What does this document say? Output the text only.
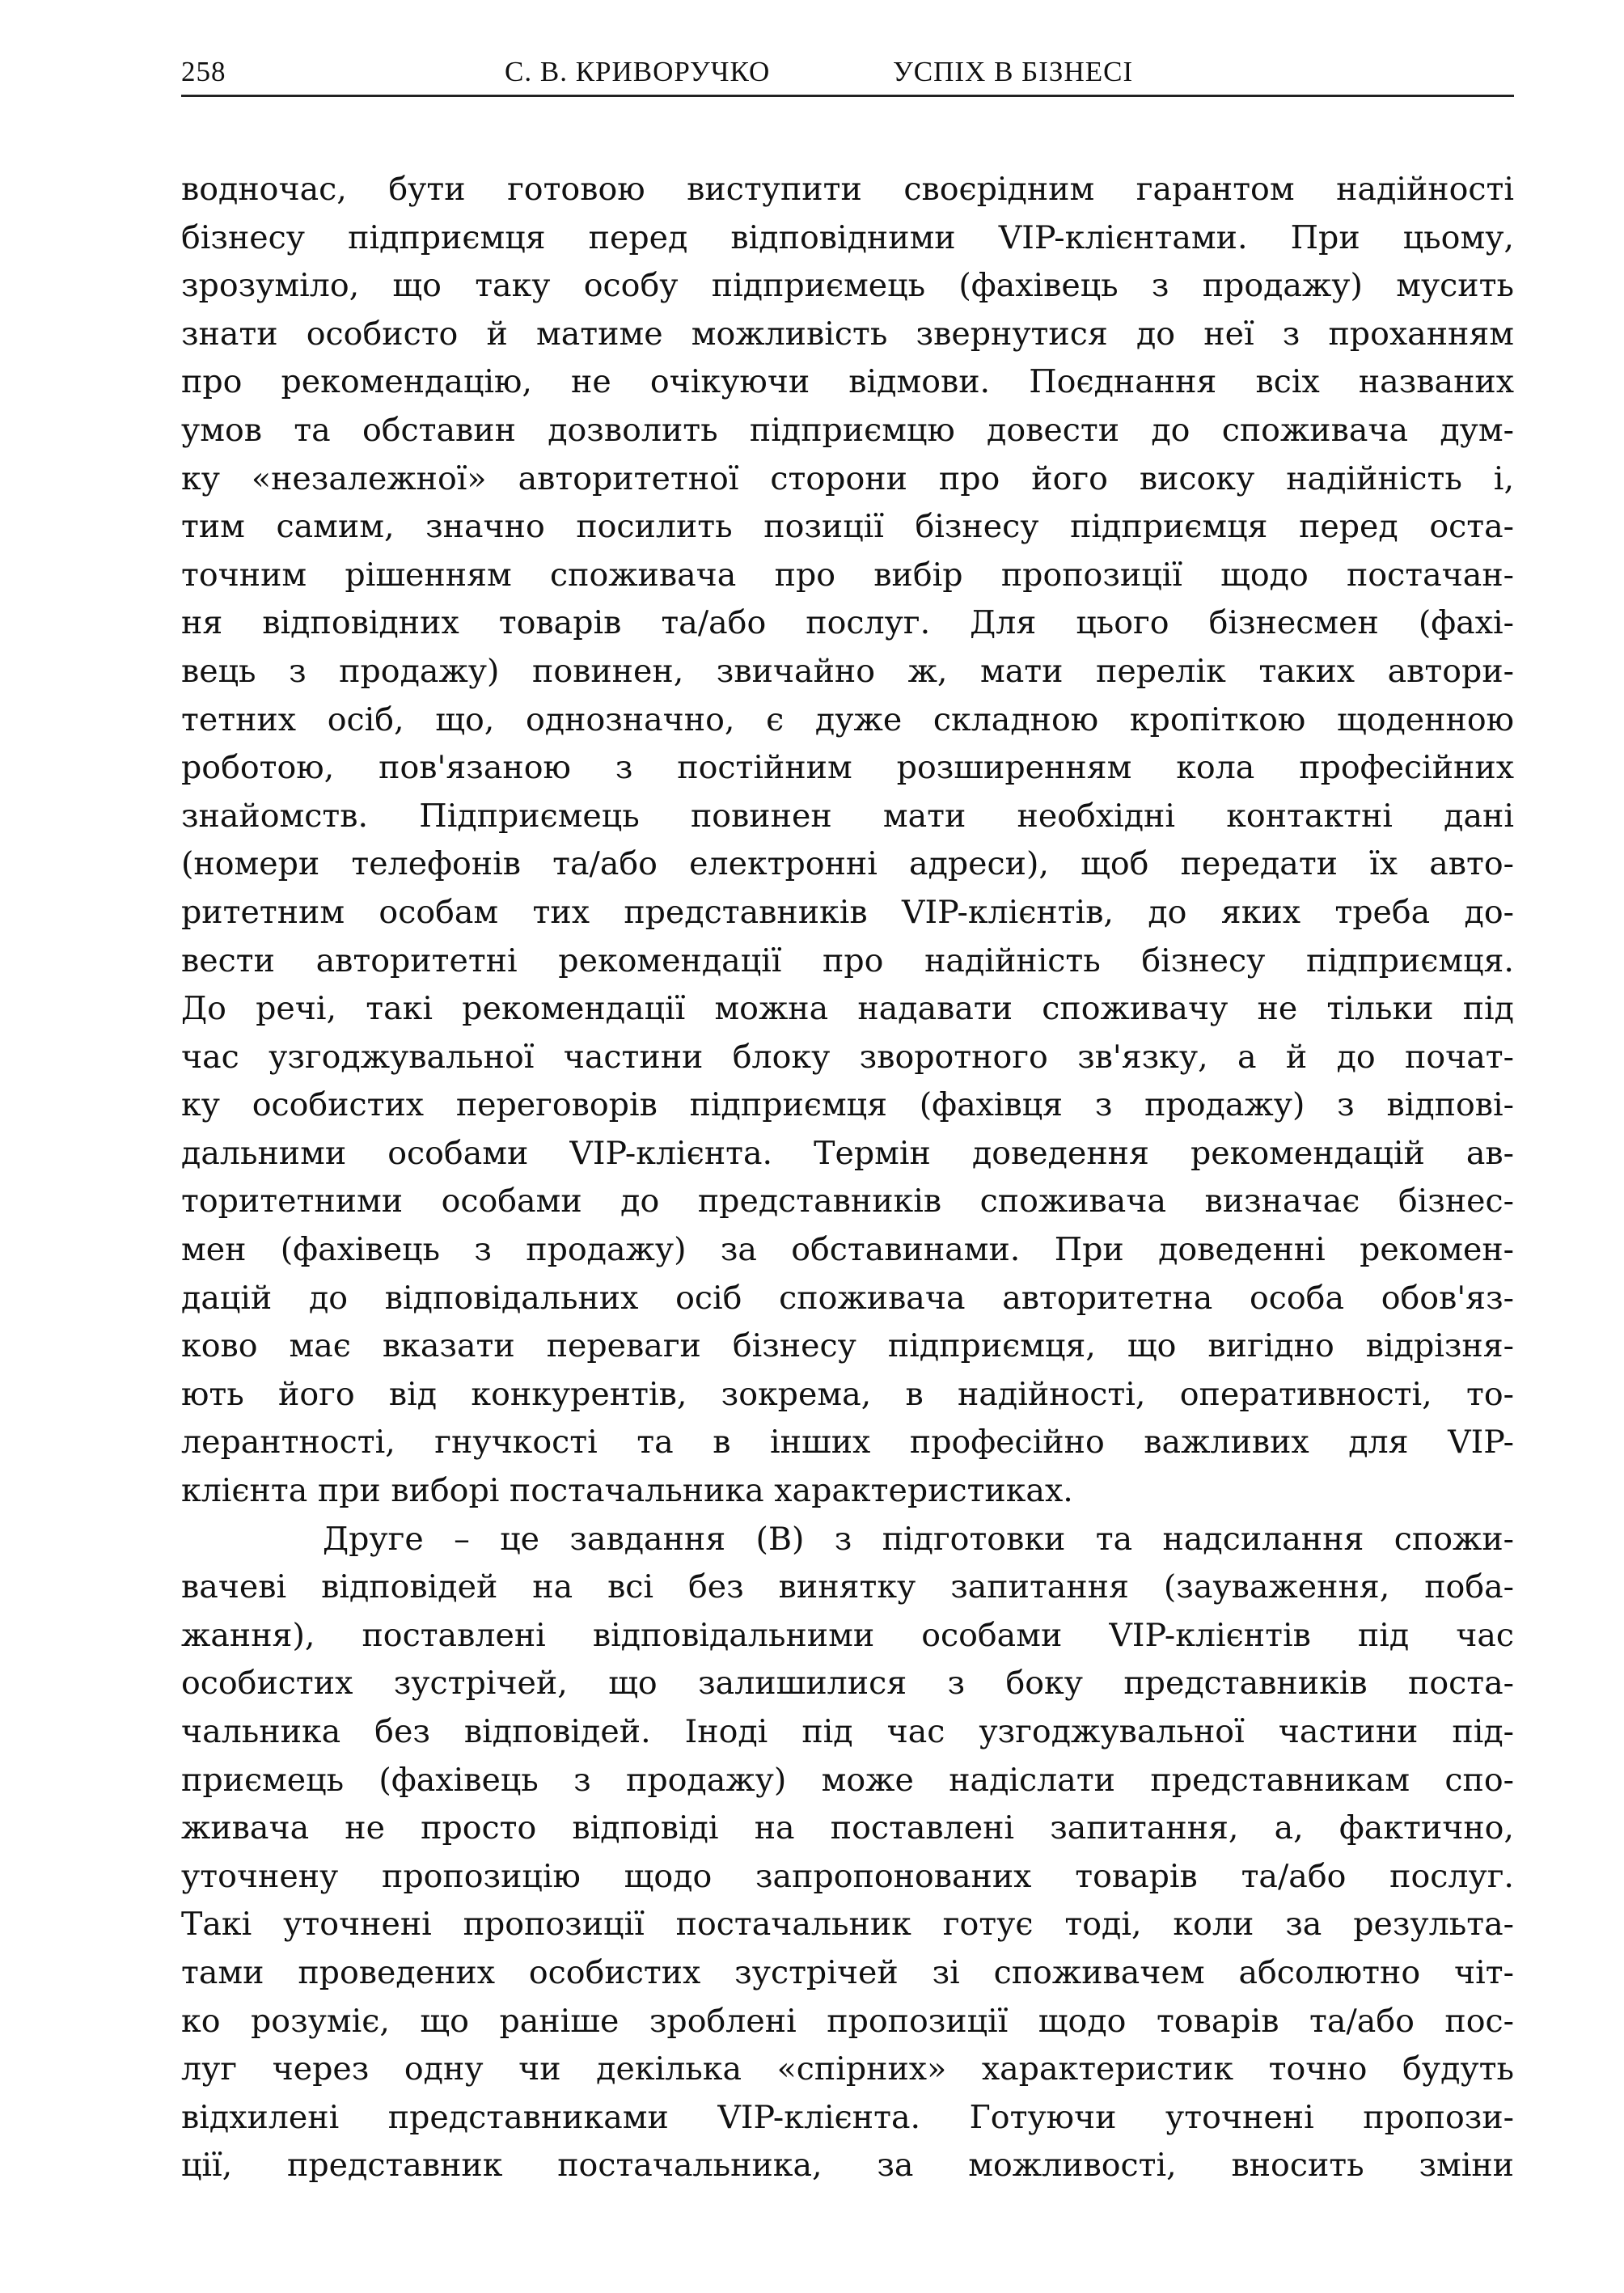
258	С. В. КРИВОРУЧКО	УСПІХ В БІЗНЕСІ
водночас, бути готовою виступити своєрідним гарантом надійності
бізнесу підприємця перед відповідними VIP-клієнтами. При цьому,
зрозуміло, що таку особу підприємець (фахівець з продажу) мусить
знати особисто й матиме можливість звернутися до неї з проханням
про рекомендацію, не очікуючи відмови. Поєднання всіх названих
умов та обставин дозволить підприємцю довести до споживача дум-
ку «незалежної» авторитетної сторони про його високу надійність і,
тим самим, значно посилить позиції бізнесу підприємця перед оста-
точним рішенням споживача про вибір пропозиції щодо постачан-
ня відповідних товарів та/або послуг. Для цього бізнесмен (фахі-
вець з продажу) повинен, звичайно ж, мати перелік таких автори-
тетних осіб, що, однозначно, є дуже складною кропіткою щоденною
роботою, пов'язаною з постійним розширенням кола професійних
знайомств. Підприємець повинен мати необхідні контактні дані
(номери телефонів та/або електронні адреси), щоб передати їх авто-
ритетним особам тих представників VIP-клієнтів, до яких треба до-
вести авторитетні рекомендації про надійність бізнесу підприємця.
До речі, такі рекомендації можна надавати споживачу не тільки під
час узгоджувальної частини блоку зворотного зв'язку, а й до почат-
ку особистих переговорів підприємця (фахівця з продажу) з відпові-
дальними особами VIP-клієнта. Термін доведення рекомендацій ав-
торитетними особами до представників споживача визначає бізнес-
мен (фахівець з продажу) за обставинами. При доведенні рекомен-
дацій до відповідальних осіб споживача авторитетна особа обов'яз-
ково має вказати переваги бізнесу підприємця, що вигідно відрізня-
ють його від конкурентів, зокрема, в надійності, оперативності, то-
лерантності, гнучкості та в інших професійно важливих для VIP-
клієнта при виборі постачальника характеристиках.
Друге – це завдання (В) з підготовки та надсилання спожи-
вачеві відповідей на всі без винятку запитання (зауваження, поба-
жання), поставлені відповідальними особами VIP-клієнтів під час
особистих зустрічей, що залишилися з боку представників поста-
чальника без відповідей. Іноді під час узгоджувальної частини під-
приємець (фахівець з продажу) може надіслати представникам спо-
живача не просто відповіді на поставлені запитання, а, фактично,
уточнену пропозицію щодо запропонованих товарів та/або послуг.
Такі уточнені пропозиції постачальник готує тоді, коли за результа-
тами проведених особистих зустрічей зі споживачем абсолютно чіт-
ко розуміє, що раніше зроблені пропозиції щодо товарів та/або пос-
луг через одну чи декілька «спірних» характеристик точно будуть
відхилені представниками VIP-клієнта. Готуючи уточнені пропози-
ції, представник постачальника, за можливості, вносить зміни
